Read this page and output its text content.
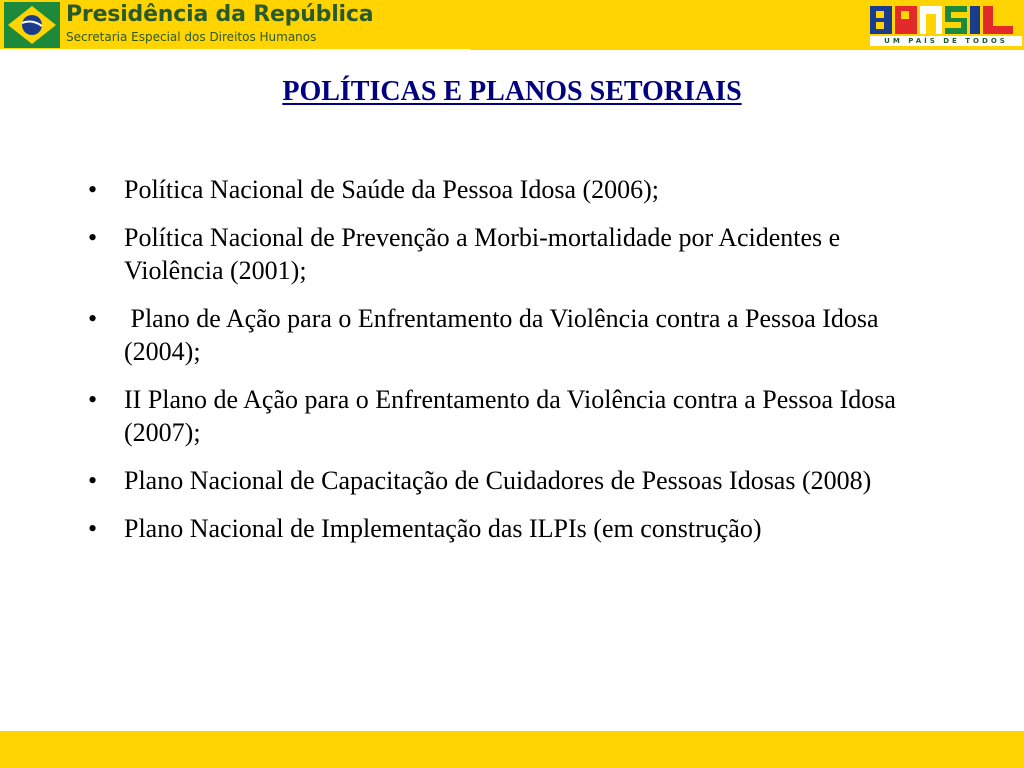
Presidência da República
Secretaria Especial dos Direitos Humanos	UM PAÍS DE TODOS
POLÍTICAS E PLANOS SETORIAIS
• Política Nacional de Saúde da Pessoa Idosa (2006);
• Política Nacional de Prevenção a Morbi-mortalidade por Acidentes e Violência (2001);
• Plano de Ação para o Enfrentamento da Violência contra a Pessoa Idosa (2004);
• II Plano de Ação para o Enfrentamento da Violência contra a Pessoa Idosa (2007);
• Plano Nacional de Capacitação de Cuidadores de Pessoas Idosas (2008)
• Plano Nacional de Implementação das ILPIs (em construção)
